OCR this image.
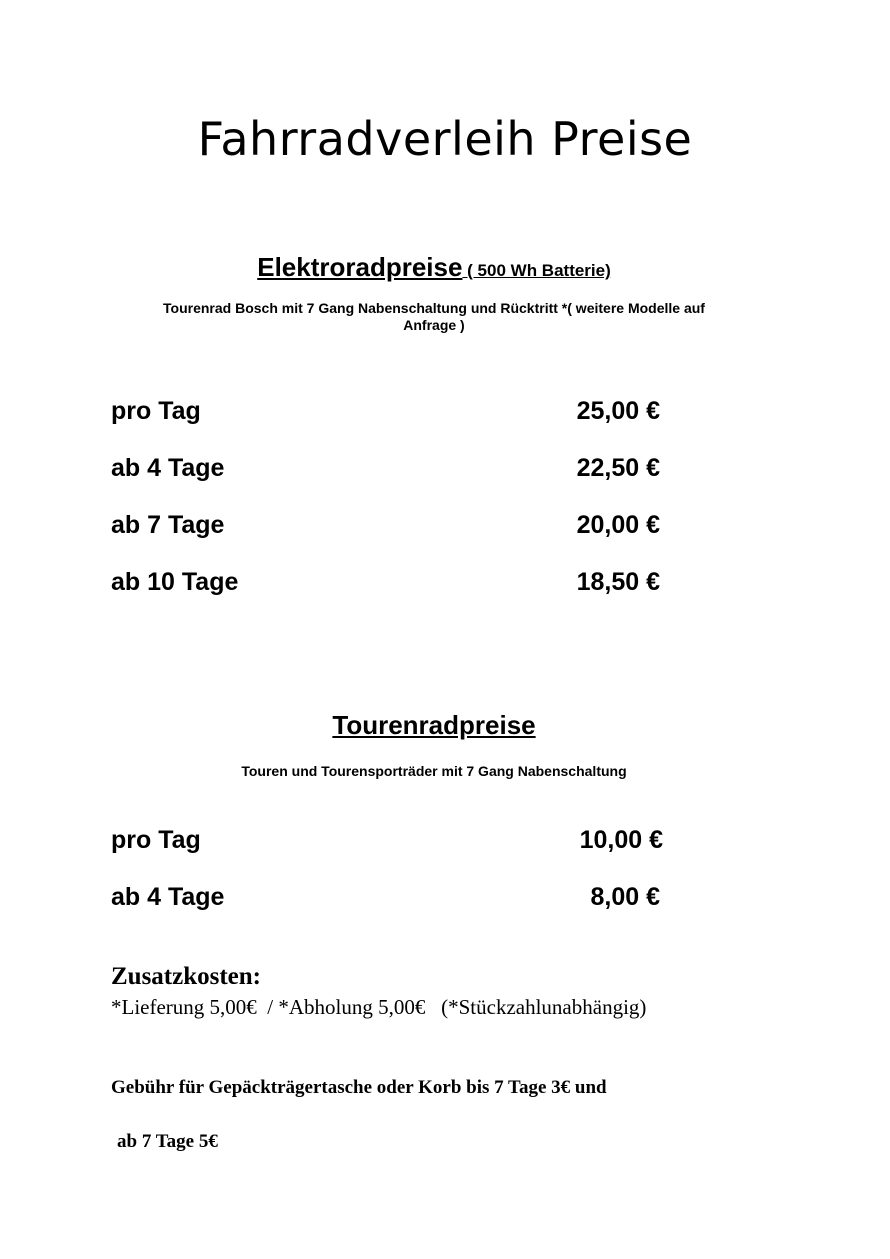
Fahrradverleih Preise
Elektroradpreise ( 500 Wh Batterie)
Tourenrad Bosch mit 7 Gang Nabenschaltung und Rücktritt *( weitere Modelle auf
Anfrage )
pro Tag	25,00 €
ab 4 Tage	22,50 €
ab 7 Tage	20,00 €
ab 10 Tage	18,50 €
Tourenradpreise
Touren und Tourensporträder mit 7 Gang Nabenschaltung
pro Tag	10,00 €
ab 4 Tage	8,00 €
Zusatzkosten:
*Lieferung 5,00€  / *Abholung 5,00€   (*Stückzahlunabhängig)
Gebühr für Gepäckträgertasche oder Korb bis 7 Tage 3€ und
ab 7 Tage 5€
